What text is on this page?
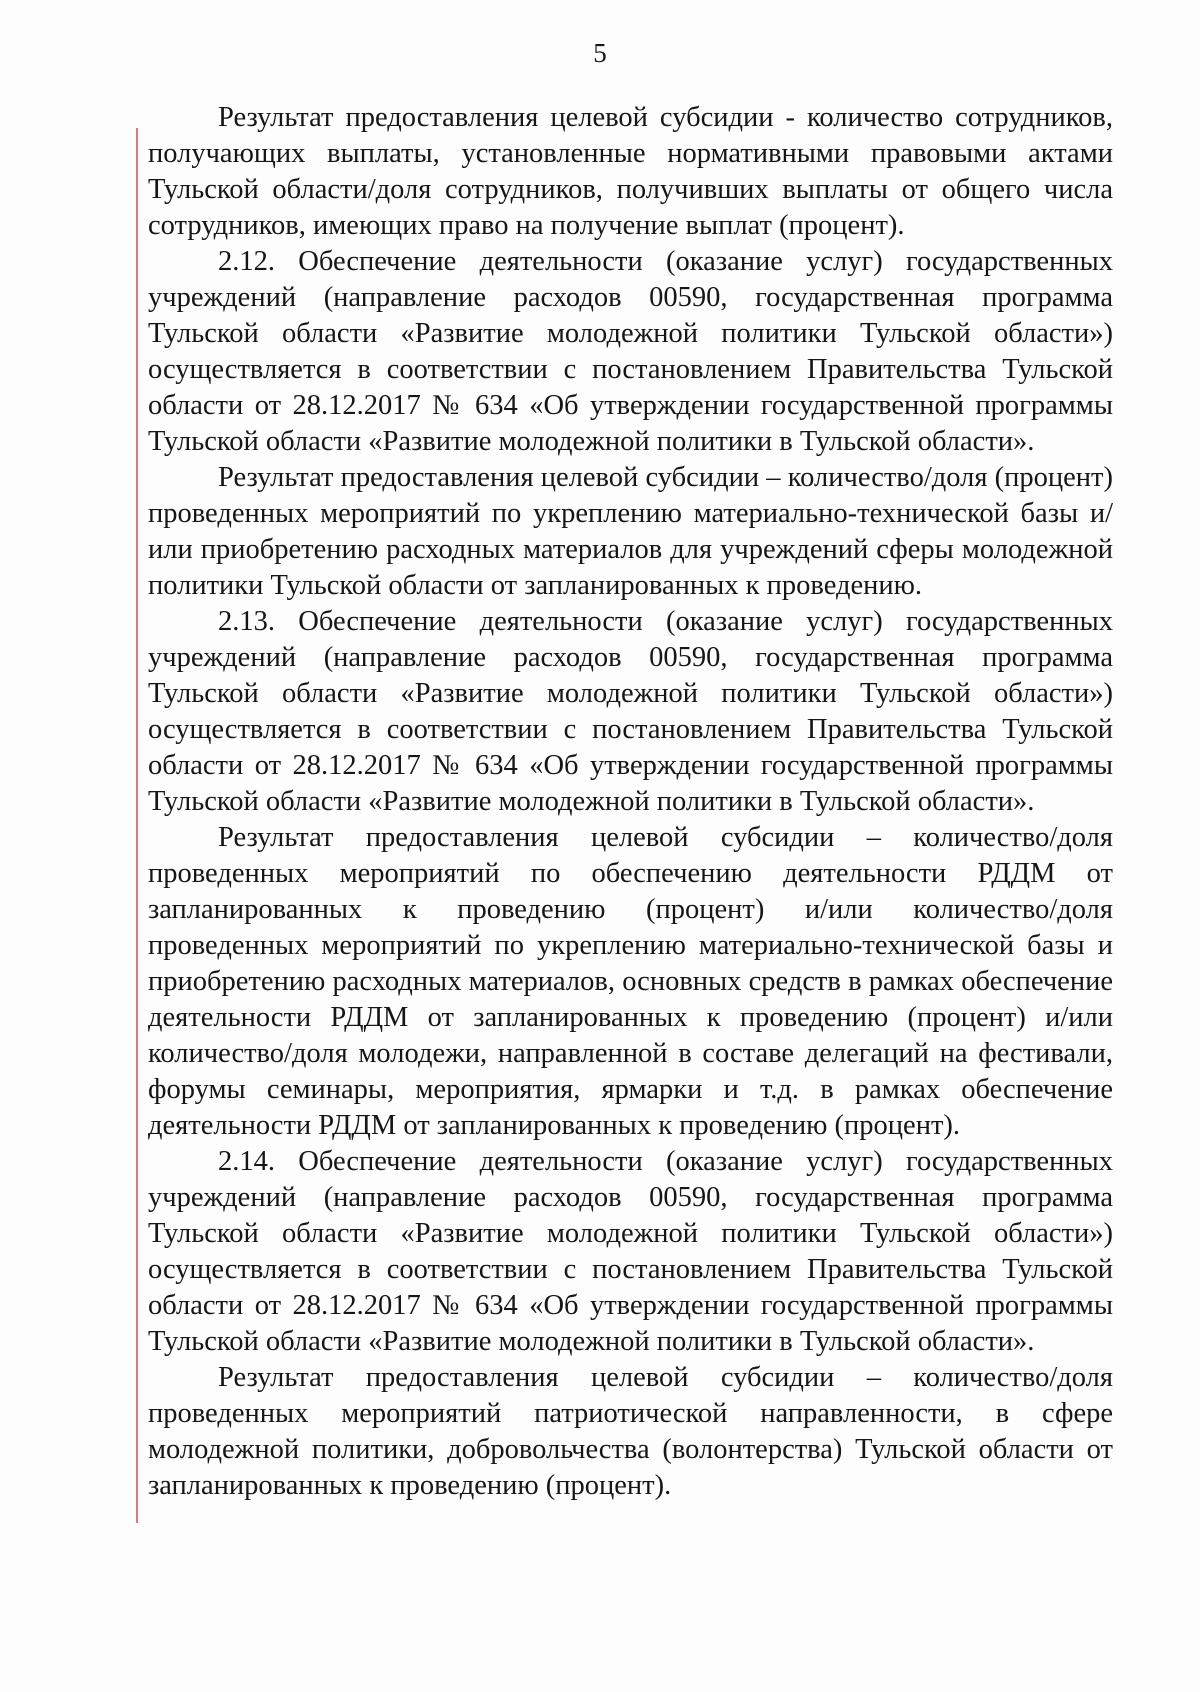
5

Результат предоставления целевой субсидии - количество сотрудников, получающих выплаты, установленные нормативными правовыми актами Тульской области/доля сотрудников, получивших выплаты от общего числа сотрудников, имеющих право на получение выплат (процент).

2.12. Обеспечение деятельности (оказание услуг) государственных учреждений (направление расходов 00590, государственная программа Тульской области «Развитие молодежной политики Тульской области») осуществляется в соответствии с постановлением Правительства Тульской области от 28.12.2017 № 634 «Об утверждении государственной программы Тульской области «Развитие молодежной политики в Тульской области».

Результат предоставления целевой субсидии – количество/доля (процент) проведенных мероприятий по укреплению материально-технической базы и/или приобретению расходных материалов для учреждений сферы молодежной политики Тульской области от запланированных к проведению.

2.13. Обеспечение деятельности (оказание услуг) государственных учреждений (направление расходов 00590, государственная программа Тульской области «Развитие молодежной политики Тульской области») осуществляется в соответствии с постановлением Правительства Тульской области от 28.12.2017 № 634 «Об утверждении государственной программы Тульской области «Развитие молодежной политики в Тульской области».

Результат предоставления целевой субсидии – количество/доля проведенных мероприятий по обеспечению деятельности РДДМ от запланированных к проведению (процент) и/или количество/доля проведенных мероприятий по укреплению материально-технической базы и приобретению расходных материалов, основных средств в рамках обеспечение деятельности РДДМ от запланированных к проведению (процент) и/или количество/доля молодежи, направленной в составе делегаций на фестивали, форумы семинары, мероприятия, ярмарки и т.д. в рамках обеспечение деятельности РДДМ от запланированных к проведению (процент).

2.14. Обеспечение деятельности (оказание услуг) государственных учреждений (направление расходов 00590, государственная программа Тульской области «Развитие молодежной политики Тульской области») осуществляется в соответствии с постановлением Правительства Тульской области от 28.12.2017 № 634 «Об утверждении государственной программы Тульской области «Развитие молодежной политики в Тульской области».

Результат предоставления целевой субсидии – количество/доля проведенных мероприятий патриотической направленности, в сфере молодежной политики, добровольчества (волонтерства) Тульской области от запланированных к проведению (процент).
